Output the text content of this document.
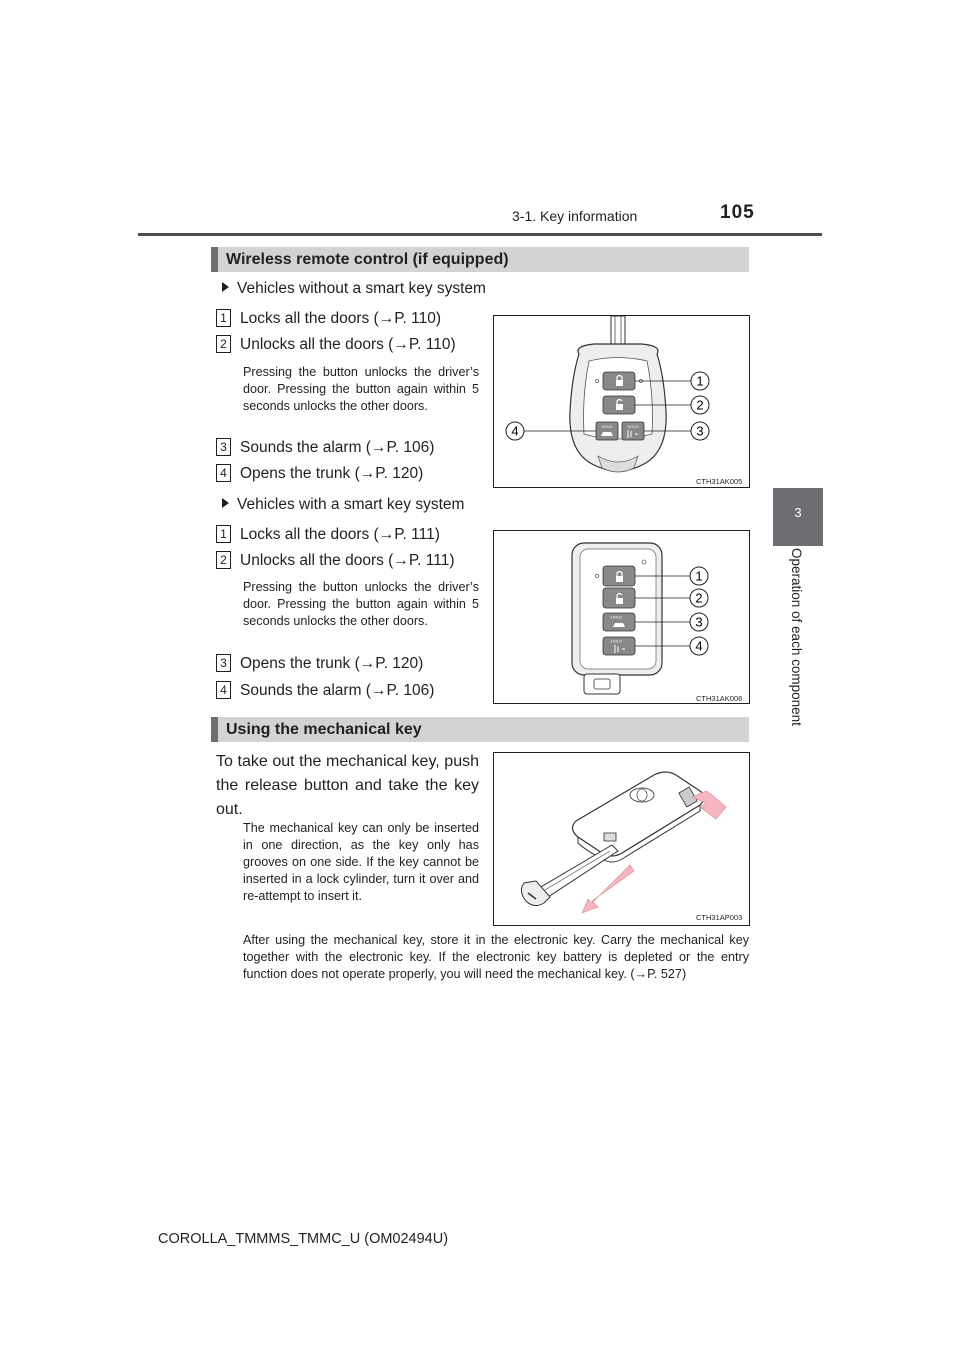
3-1. Key information	105
3
Operation of each component
Wireless remote control (if equipped)
Vehicles without a smart key system
1 Locks all the doors (→P. 110)
2 Unlocks all the doors (→P. 110)
Pressing the button unlocks the driver’s door. Pressing the button again within 5 seconds unlocks the other doors.
3 Sounds the alarm (→P. 106)
4 Opens the trunk (→P. 120)
HOLD	HOLD
1
2
3
4
CTH31AK005
Vehicles with a smart key system
1 Locks all the doors (→P. 111)
2 Unlocks all the doors (→P. 111)
Pressing the button unlocks the driver’s door. Pressing the button again within 5 seconds unlocks the other doors.
3 Opens the trunk (→P. 120)
4 Sounds the alarm (→P. 106)
HOLD
HOLD
1
2
3
4
CTH31AK006
Using the mechanical key
To take out the mechanical key, push the release button and take the key out.
The mechanical key can only be inserted in one direction, as the key only has grooves on one side. If the key cannot be inserted in a lock cylinder, turn it over and re-attempt to insert it.
After using the mechanical key, store it in the electronic key. Carry the mechanical key together with the electronic key. If the electronic key battery is depleted or the entry function does not operate properly, you will need the mechanical key. (→P. 527)
CTH31AP003
COROLLA_TMMMS_TMMC_U (OM02494U)
